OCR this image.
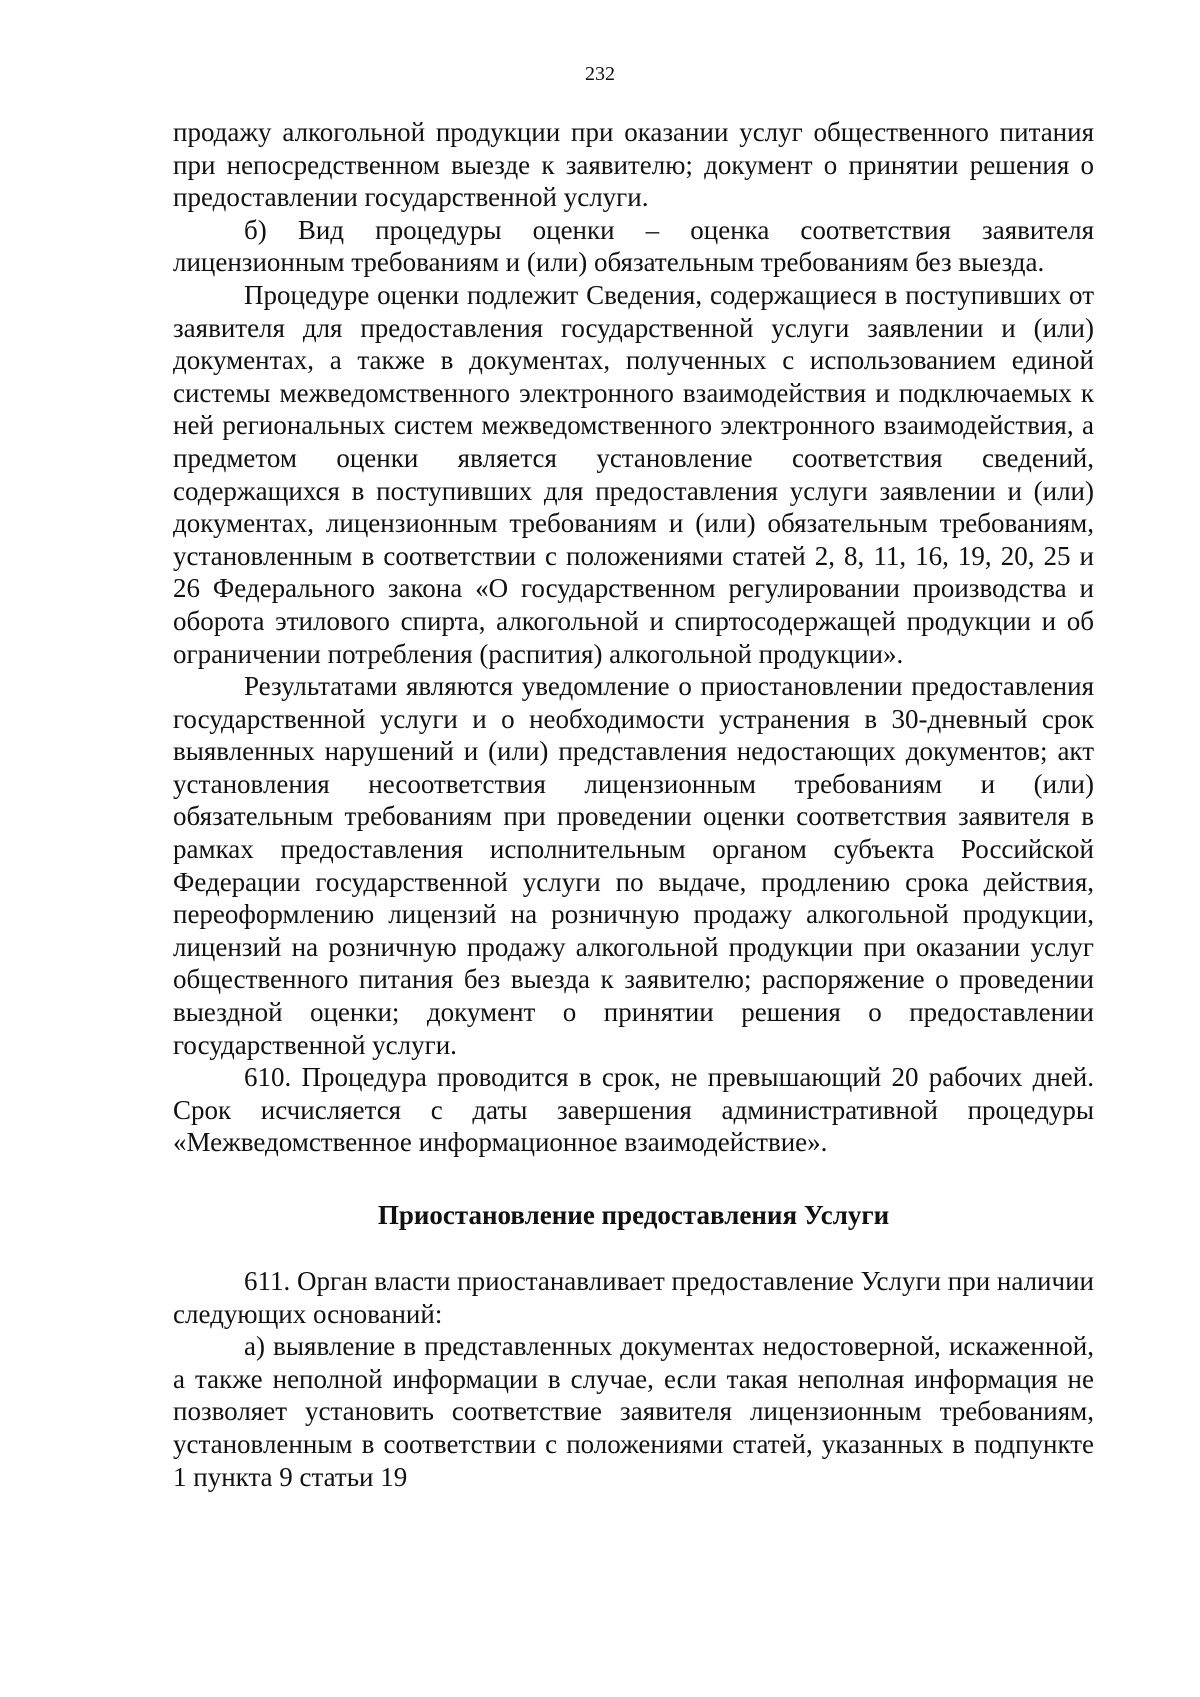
232

продажу алкогольной продукции при оказании услуг общественного питания при непосредственном выезде к заявителю; документ о принятии решения о предоставлении государственной услуги.

б) Вид процедуры оценки – оценка соответствия заявителя лицензионным требованиям и (или) обязательным требованиям без выезда.

Процедуре оценки подлежит Сведения, содержащиеся в поступивших от заявителя для предоставления государственной услуги заявлении и (или) документах, а также в документах, полученных с использованием единой системы межведомственного электронного взаимодействия и подключаемых к ней региональных систем межведомственного электронного взаимодействия, а предметом оценки является установление соответствия сведений, содержащихся в поступивших для предоставления услуги заявлении и (или) документах, лицензионным требованиям и (или) обязательным требованиям, установленным в соответствии с положениями статей 2, 8, 11, 16, 19, 20, 25 и 26 Федерального закона «О государственном регулировании производства и оборота этилового спирта, алкогольной и спиртосодержащей продукции и об ограничении потребления (распития) алкогольной продукции».

Результатами являются уведомление о приостановлении предоставления государственной услуги и о необходимости устранения в 30-дневный срок выявленных нарушений и (или) представления недостающих документов; акт установления несоответствия лицензионным требованиям и (или) обязательным требованиям при проведении оценки соответствия заявителя в рамках предоставления исполнительным органом субъекта Российской Федерации государственной услуги по выдаче, продлению срока действия, переоформлению лицензий на розничную продажу алкогольной продукции, лицензий на розничную продажу алкогольной продукции при оказании услуг общественного питания без выезда к заявителю; распоряжение о проведении выездной оценки; документ о принятии решения о предоставлении государственной услуги.

610. Процедура проводится в срок, не превышающий 20 рабочих дней. Срок исчисляется с даты завершения административной процедуры «Межведомственное информационное взаимодействие».

Приостановление предоставления Услуги

611. Орган власти приостанавливает предоставление Услуги при наличии следующих оснований:

а) выявление в представленных документах недостоверной, искаженной, а также неполной информации в случае, если такая неполная информация не позволяет установить соответствие заявителя лицензионным требованиям, установленным в соответствии с положениями статей, указанных в подпункте 1 пункта 9 статьи 19
